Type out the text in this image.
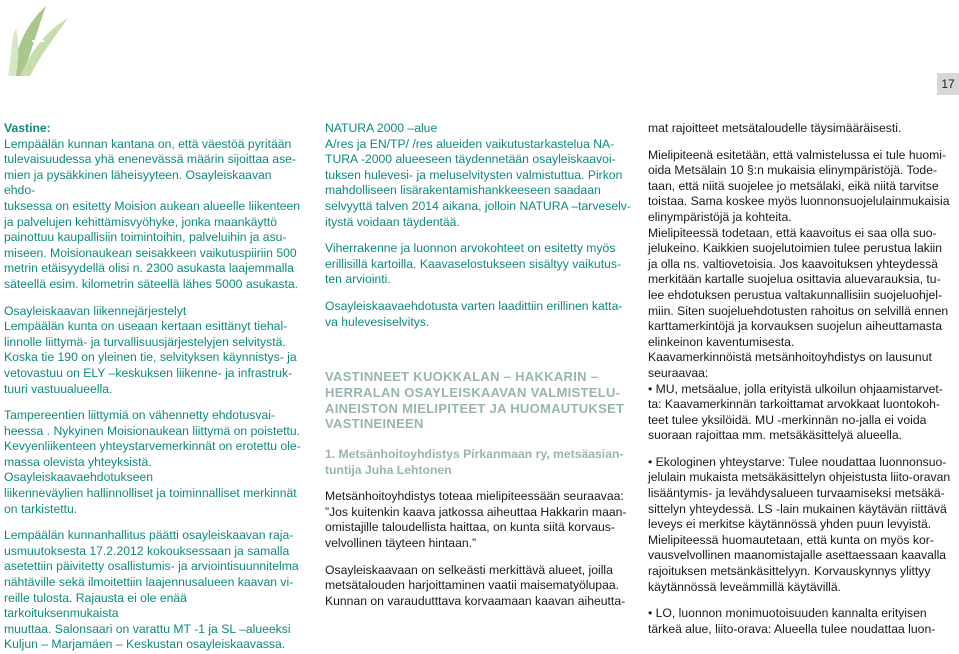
17

Vastine:

Lempäälän kunnan kantana on, että väestöä pyritään

tulevaisuudessa yhä enenevässä määrin sijoittaa ase-

mien ja pysäkkinen läheisyyteen. Osayleiskaavan ehdo-

tuksessa on esitetty Moision aukean alueelle liikenteen

ja palvelujen kehittämisvyöhyke, jonka maankäyttö

painottuu kaupallisiin toimintoihin, palveluihin ja asu-

miseen. Moisionaukean seisakkeen vaikutuspiiriin 500

metrin etäisyydellä olisi n. 2300 asukasta laajemmalla

säteellä esim. kilometrin säteellä lähes 5000 asukasta.

Osayleiskaavan liikennejärjestelyt

Lempäälän kunta on useaan kertaan esittänyt tiehal-

linnolle liittymä- ja turvallisuusjärjestelyjen selvitystä.

Koska tie 190 on yleinen tie, selvityksen käynnistys- ja

vetovastuu on ELY –keskuksen liikenne- ja infrastruk-

tuuri vastuualueella.

Tampereentien liittymiä on vähennetty ehdotusvai-

heessa . Nykyinen Moisionaukean liittymä on poistettu.

Kevyenliikenteen yhteystarvemerkinnät on erotettu ole-

massa olevista yhteyksistä. Osayleiskaavaehdotukseen

liikenneväylien hallinnolliset ja toiminnalliset merkinnät

on tarkistettu.

Lempäälän kunnanhallitus päätti osayleiskaavan raja-

usmuutoksesta 17.2.2012 kokouksessaan ja samalla

asetettiin päivitetty osallistumis- ja arviointisuunnitelma

nähtäville sekä ilmoitettiin laajennusalueen kaavan vi-

reille tulosta. Rajausta ei ole enää tarkoituksenmukaista

muuttaa. Salonsaari on varattu MT -1 ja SL –alueeksi

Kuljun – Marjamäen – Keskustan osayleiskaavassa.

NATURA 2000 –alue

A/res ja EN/TP/ /res alueiden vaikutustarkastelua NA-

TURA -2000 alueeseen täydennetään osayleiskaavoi-

tuksen hulevesi- ja meluselvitysten valmistuttua. Pirkon

mahdolliseen lisärakentamishankkeeseen saadaan

selvyyttä talven 2014 aikana, jolloin NATURA –tarveselv-

itystä voidaan täydentää.

Viherrakenne ja luonnon arvokohteet on esitetty myös

erillisillä kartoilla. Kaavaselostukseen sisältyy vaikutus-

ten arviointi.

Osayleiskaavaehdotusta varten laadittiin erillinen katta-

va hulevesiselvitys.

VASTINNEET KUOKKALAN – HAKKARIN –

HERRALAN OSAYLEISKAAVAN VALMISTELU-

AINEISTON MIELIPITEET JA HUOMAUTUKSET

VASTINEINEEN

1. Metsänhoitoyhdistys Pirkanmaan ry, metsäasian-

tuntija Juha Lehtonen

Metsänhoitoyhdistys toteaa mielipiteessään seuraavaa:

”Jos kuitenkin kaava jatkossa aiheuttaa Hakkarin maan-

omistajille taloudellista haittaa, on kunta siitä korvaus-

velvollinen täyteen hintaan.”

Osayleiskaavaan on selkeästi merkittävä alueet, joilla

metsätalouden harjoittaminen vaatii maisematyölupaa.

Kunnan on varaudutttava korvaamaan kaavan aiheutta-

mat rajoitteet metsätaloudelle täysimääräisesti.

Mielipiteenä esitetään, että valmistelussa ei tule huomi-

oida Metsälain 10 §:n mukaisia elinympäristöjä. Tode-

taan, että niitä suojelee jo metsälaki, eikä niitä tarvitse

toistaa. Sama koskee myös luonnonsuojelulainmukaisia

elinympäristöjä ja kohteita.

Mielipiteessä todetaan, että kaavoitus ei saa olla suo-

jelukeino. Kaikkien suojelutoimien tulee perustua lakiin

ja olla ns. valtiovetoisia. Jos kaavoituksen yhteydessä

merkitään kartalle suojelua osittavia aluevarauksia, tu-

lee ehdotuksen perustua valtakunnallisiin suojeluohjel-

miin. Siten suojeluehdotusten rahoitus on selvillä ennen

karttamerkintöjä ja korvauksen suojelun aiheuttamasta

elinkeinon kaventumisesta.

Kaavamerkinnöistä metsänhoitoyhdistys on lausunut

seuraavaa:

• MU, metsäalue, jolla erityistä ulkoilun ohjaamistarvet-

ta: Kaavamerkinnän tarkoittamat arvokkaat luontokoh-

teet tulee yksilöidä. MU -merkinnän no-jalla ei voida

suoraan rajoittaa mm. metsäkäsittelyä alueella.

• Ekologinen yhteystarve: Tulee noudattaa luonnonsuo-

jelulain mukaista metsäkäsittelyn ohjeistusta liito-oravan

lisääntymis- ja levähdysalueen turvaamiseksi metsäkä-

sittelyn yhteydessä. LS -lain mukainen käytävän riittävä

leveys ei merkitse käytännössä yhden puun levyistä.

Mielipiteessä huomautetaan, että kunta on myös kor-

vausvelvollinen maanomistajalle asettaessaan kaavalla

rajoituksen metsänkäsittelyyn. Korvauskynnys ylittyy

käytännössä leveämmillä käytävillä.

• LO, luonnon monimuotoisuuden kannalta erityisen

tärkeä alue, liito-orava: Alueella tulee noudattaa luon-
